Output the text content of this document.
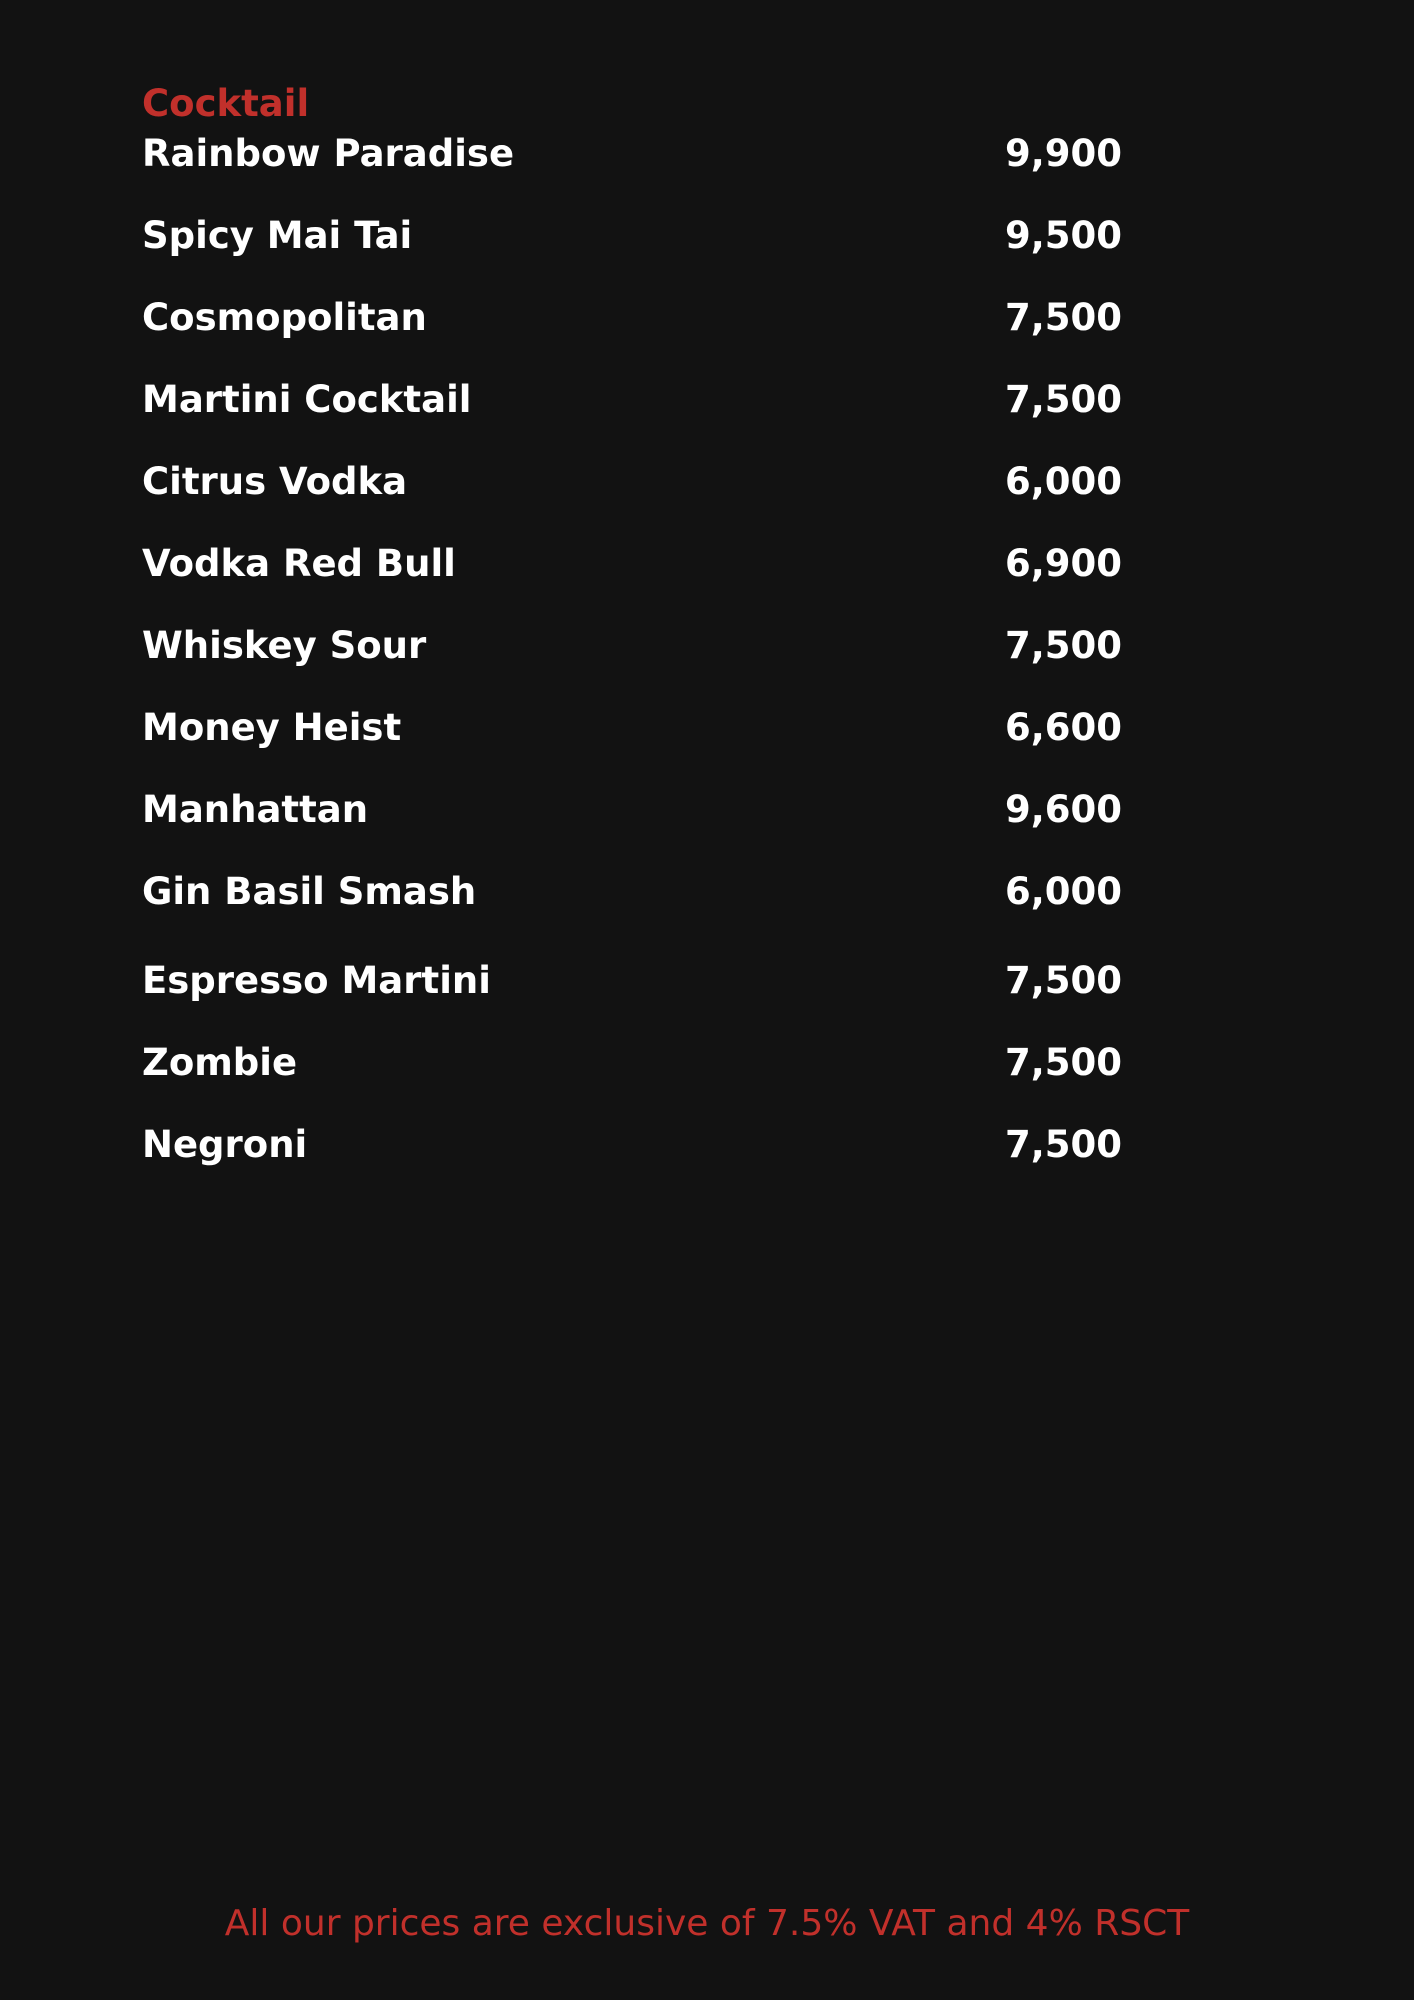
Cocktail
Rainbow Paradise	9,900
Spicy Mai Tai	9,500
Cosmopolitan	7,500
Martini Cocktail	7,500
Citrus Vodka	6,000
Vodka Red Bull	6,900
Whiskey Sour	7,500
Money Heist	6,600
Manhattan	9,600
Gin Basil Smash	6,000
Espresso Martini	7,500
Zombie	7,500
Negroni	7,500
All our prices are exclusive of 7.5% VAT and 4% RSCT
